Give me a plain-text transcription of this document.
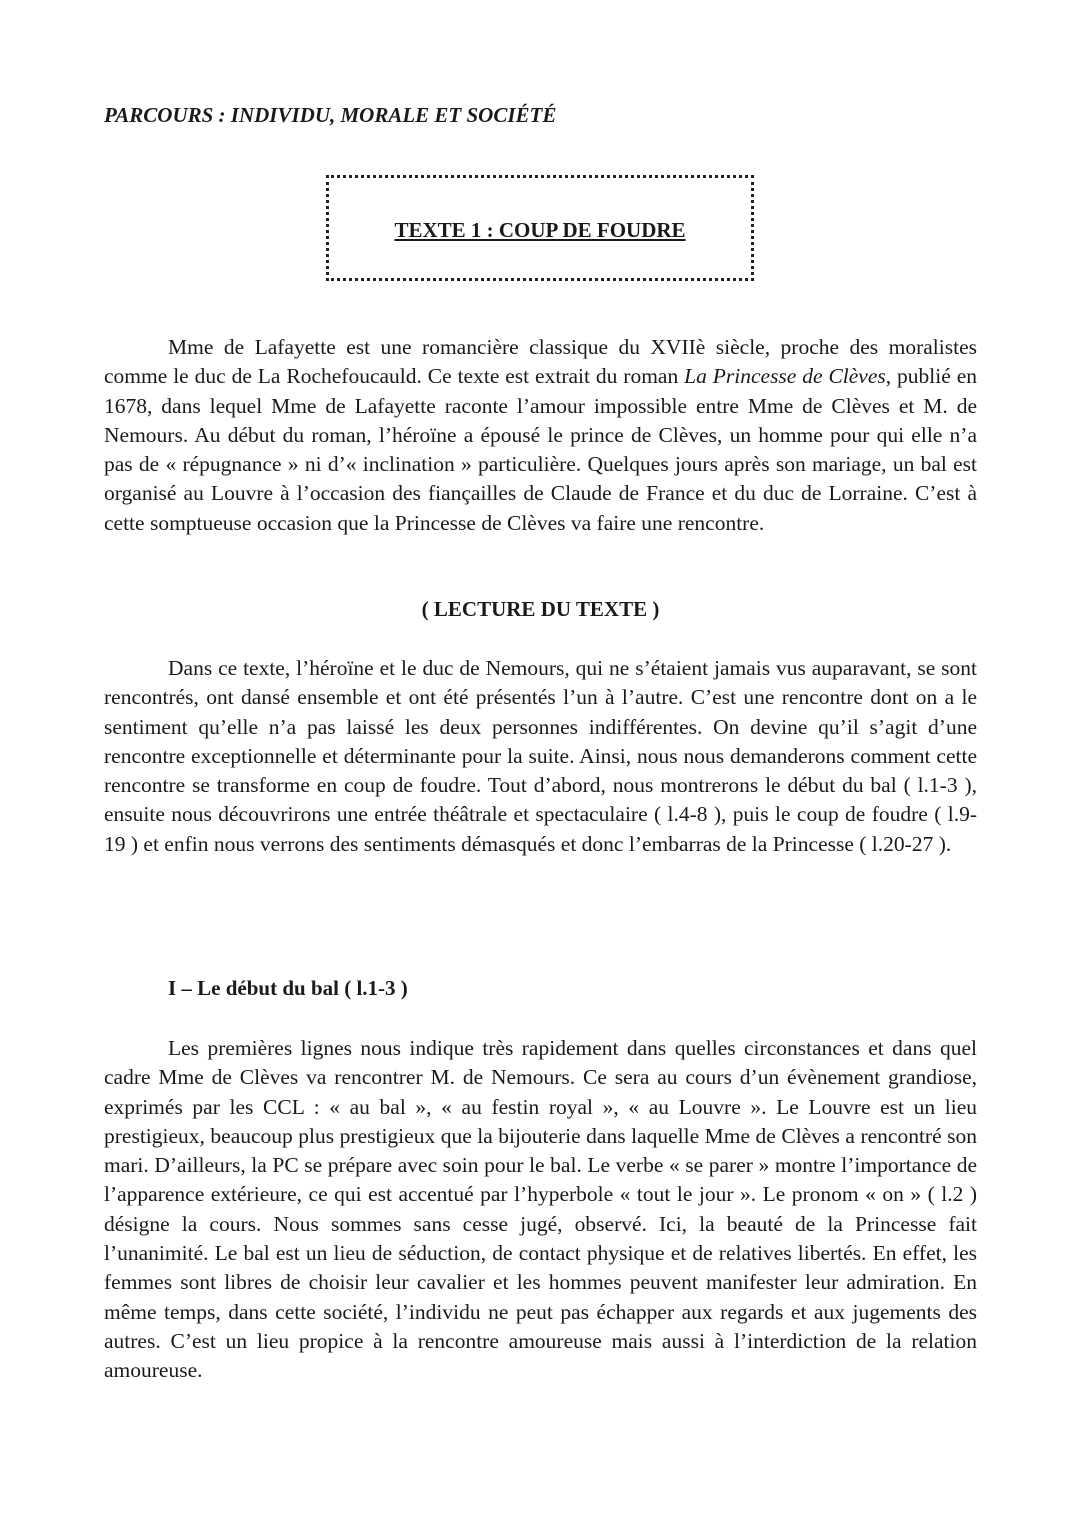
PARCOURS : INDIVIDU, MORALE ET SOCIÉTÉ
TEXTE 1 : COUP DE FOUDRE

Mme de Lafayette est une romancière classique du XVIIè siècle, proche des moralistes comme le duc de La Rochefoucauld. Ce texte est extrait du roman La Princesse de Clèves, publié en 1678, dans lequel Mme de Lafayette raconte l’amour impossible entre Mme de Clèves et M. de Nemours. Au début du roman, l’héroïne a épousé le prince de Clèves, un homme pour qui elle n’a pas de « répugnance » ni d’« inclination » particulière. Quelques jours après son mariage, un bal est organisé au Louvre à l’occasion des fiançailles de Claude de France et du duc de Lorraine. C’est à cette somptueuse occasion que la Princesse de Clèves va faire une rencontre.

( LECTURE DU TEXTE )

Dans ce texte, l’héroïne et le duc de Nemours, qui ne s’étaient jamais vus auparavant, se sont rencontrés, ont dansé ensemble et ont été présentés l’un à l’autre. C’est une rencontre dont on a le sentiment qu’elle n’a pas laissé les deux personnes indifférentes. On devine qu’il s’agit d’une rencontre exceptionnelle et déterminante pour la suite. Ainsi, nous nous demanderons comment cette rencontre se transforme en coup de foudre. Tout d’abord, nous montrerons le début du bal ( l.1-3 ), ensuite nous découvrirons une entrée théâtrale et spectaculaire ( l.4-8 ), puis le coup de foudre ( l.9-19 ) et enfin nous verrons des sentiments démasqués et donc l’embarras de la Princesse ( l.20-27 ).

I – Le début du bal ( l.1-3 )

Les premières lignes nous indique très rapidement dans quelles circonstances et dans quel cadre Mme de Clèves va rencontrer M. de Nemours. Ce sera au cours d’un évènement grandiose, exprimés par les CCL : « au bal », « au festin royal », « au Louvre ». Le Louvre est un lieu prestigieux, beaucoup plus prestigieux que la bijouterie dans laquelle Mme de Clèves a rencontré son mari. D’ailleurs, la PC se prépare avec soin pour le bal. Le verbe « se parer » montre l’importance de l’apparence extérieure, ce qui est accentué par l’hyperbole « tout le jour ». Le pronom « on » ( l.2 ) désigne la cours. Nous sommes sans cesse jugé, observé. Ici, la beauté de la Princesse fait l’unanimité. Le bal est un lieu de séduction, de contact physique et de relatives libertés. En effet, les femmes sont libres de choisir leur cavalier et les hommes peuvent manifester leur admiration. En même temps, dans cette société, l’individu ne peut pas échapper aux regards et aux jugements des autres. C’est un lieu propice à la rencontre amoureuse mais aussi à l’interdiction de la relation amoureuse.
